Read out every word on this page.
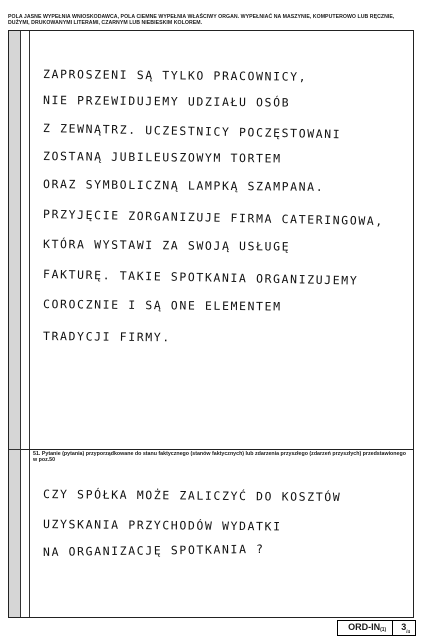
POLA JASNE WYPEŁNIA WNIOSKODAWCA, POLA CIEMNE WYPEŁNIA WŁAŚCIWY ORGAN. WYPEŁNIAĆ NA MASZYNIE, KOMPUTEROWO LUB RĘCZNIE, DUŻYMI, DRUKOWANYMI LITERAMI, CZARNYM LUB NIEBIESKIM KOLOREM.

ZAPROSZENI SĄ TYLKO PRACOWNICY,

NIE PRZEWIDUJEMY UDZIAŁU OSÓB

Z ZEWNĄTRZ. UCZESTNICY POCZĘSTOWANI

ZOSTANĄ JUBILEUSZOWYM TORTEM

ORAZ SYMBOLICZNĄ LAMPKĄ SZAMPANA.

PRZYJĘCIE ZORGANIZUJE FIRMA CATERINGOWA,

KTÓRA WYSTAWI ZA SWOJĄ USŁUGĘ

FAKTURĘ. TAKIE SPOTKANIA ORGANIZUJEMY

COROCZNIE I SĄ ONE ELEMENTEM

TRADYCJI FIRMY.

51. Pytanie (pytania) przyporządkowane do stanu faktycznego (stanów faktycznych) lub zdarzenia przyszłego (zdarzeń przyszłych) przedstawionego w poz.50

CZY SPÓŁKA MOŻE ZALICZYĆ DO KOSZTÓW

UZYSKANIA PRZYCHODÓW WYDATKI

NA ORGANIZACJĘ SPOTKANIA ?

ORD-$IN_{(1)}$	$3_{/4}$
